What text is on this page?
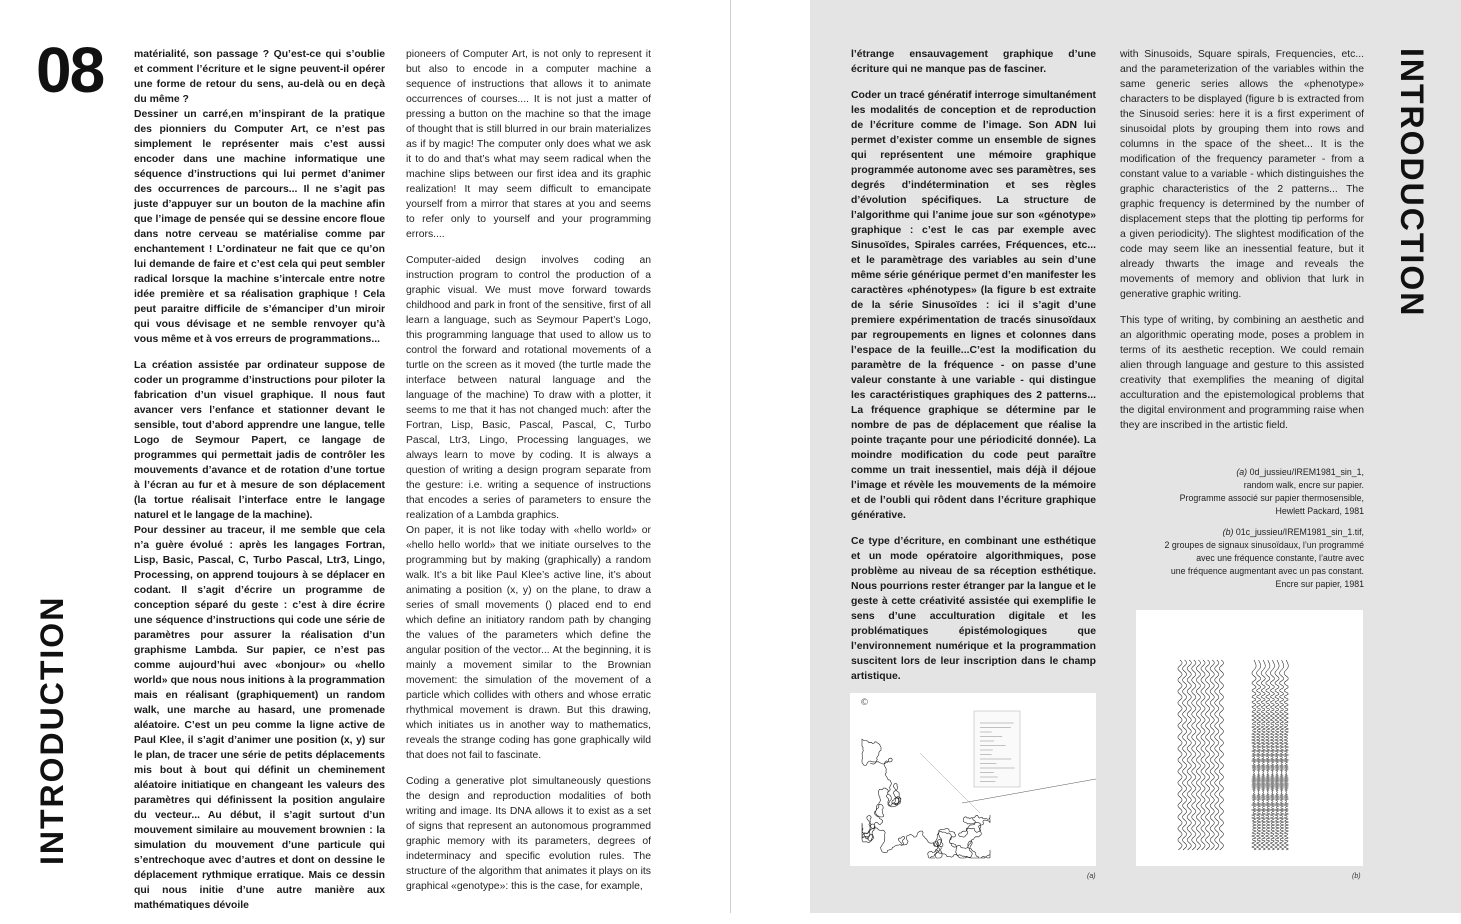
08
INTRODUCTION
INTRODUCTION

matérialité, son passage ? Qu’est-ce qui s’oublie et comment l’écriture et le signe peuvent-il opérer une forme de retour du sens, au-delà ou en deçà du même ?

Dessiner un carré,en m’inspirant de la pratique des pionniers du Computer Art, ce n’est pas simplement le représenter mais c’est aussi encoder dans une machine informatique une séquence d’instructions qui lui permet d’animer des occurrences de parcours... Il ne s’agit pas juste d’appuyer sur un bouton de la machine afin que l’image de pensée qui se dessine encore floue dans notre cerveau se matérialise comme par enchantement ! L’ordinateur ne fait que ce qu’on lui demande de faire et c’est cela qui peut sembler radical lorsque la machine s’intercale entre notre idée première et sa réalisation graphique ! Cela peut paraitre difficile de s’émanciper d’un miroir qui vous dévisage et ne semble renvoyer qu’à vous même et à vos erreurs de programmations...

La création assistée par ordinateur suppose de coder un programme d’instructions pour piloter la fabrication d’un visuel graphique. Il nous faut avancer vers l’enfance et stationner devant le sensible, tout d’abord apprendre une langue, telle Logo de Seymour Papert, ce langage de programmes qui permettait jadis de contrôler les mouvements d’avance et de rotation d’une tortue à l’écran au fur et à mesure de son déplacement (la tortue réalisait l’interface entre le langage naturel et le langage de la machine).

Pour dessiner au traceur, il me semble que cela n’a guère évolué : après les langages Fortran, Lisp, Basic, Pascal, C, Turbo Pascal, Ltr3, Lingo, Processing, on apprend toujours à se déplacer en codant. Il s’agit d’écrire un programme de conception séparé du geste : c’est à dire écrire une séquence d’instructions qui code une série de paramètres pour assurer la réalisation d’un graphisme Lambda. Sur papier, ce n’est pas comme aujourd’hui avec «bonjour» ou «hello world» que nous nous initions à la programmation mais en réalisant (graphiquement) un random walk, une marche au hasard, une promenade aléatoire. C’est un peu comme la ligne active de Paul Klee, il s’agit d’animer une position (x, y) sur le plan, de tracer une série de petits déplacements mis bout à bout qui définit un cheminement aléatoire initiatique en changeant les valeurs des paramètres qui définissent la position angulaire du vecteur... Au début, il s’agit surtout d’un mouvement similaire au mouvement brownien : la simulation du mouvement d’une particule qui s’entrechoque avec d’autres et dont on dessine le déplacement rythmique erratique. Mais ce dessin qui nous initie d’une autre manière aux mathématiques dévoile

pioneers of Computer Art, is not only to represent it but also to encode in a computer machine a sequence of instructions that allows it to animate occurrences of courses.... It is not just a matter of pressing a button on the machine so that the image of thought that is still blurred in our brain materializes as if by magic! The computer only does what we ask it to do and that’s what may seem radical when the machine slips between our first idea and its graphic realization! It may seem difficult to emancipate yourself from a mirror that stares at you and seems to refer only to yourself and your programming errors....

Computer-aided design involves coding an instruction program to control the production of a graphic visual. We must move forward towards childhood and park in front of the sensitive, first of all learn a language, such as Seymour Papert’s Logo, this programming language that used to allow us to control the forward and rotational movements of a turtle on the screen as it moved (the turtle made the interface between natural language and the language of the machine) To draw with a plotter, it seems to me that it has not changed much: after the Fortran, Lisp, Basic, Pascal, Pascal, C, Turbo Pascal, Ltr3, Lingo, Processing languages, we always learn to move by coding. It is always a question of writing a design program separate from the gesture: i.e. writing a sequence of instructions that encodes a series of parameters to ensure the realization of a Lambda graphics.

On paper, it is not like today with «hello world» or «hello hello world» that we initiate ourselves to the programming but by making (graphically) a random walk. It’s a bit like Paul Klee’s active line, it’s about animating a position (x, y) on the plane, to draw a series of small movements () placed end to end which define an initiatory random path by changing the values of the parameters which define the angular position of the vector... At the beginning, it is mainly a movement similar to the Brownian movement: the simulation of the movement of a particle which collides with others and whose erratic rhythmical movement is drawn. But this drawing, which initiates us in another way to mathematics, reveals the strange coding has gone graphically wild that does not fail to fascinate.

Coding a generative plot simultaneously questions the design and reproduction modalities of both writing and image. Its DNA allows it to exist as a set of signs that represent an autonomous programmed graphic memory with its parameters, degrees of indeterminacy and specific evolution rules. The structure of the algorithm that animates it plays on its graphical «genotype»: this is the case, for example,

l’étrange ensauvagement graphique d’une écriture qui ne manque pas de fasciner.

Coder un tracé génératif interroge simultanément les modalités de conception et de reproduction de l’écriture comme de l’image. Son ADN lui permet d’exister comme un ensemble de signes qui représentent une mémoire graphique programmée autonome avec ses paramètres, ses degrés d’indétermination et ses règles d’évolution spécifiques. La structure de l’algorithme qui l’anime joue sur son «génotype» graphique : c’est le cas par exemple avec Sinusoïdes, Spirales carrées, Fréquences, etc... et le paramètrage des variables au sein d’une même série générique permet d’en manifester les caractères «phénotypes» (la figure b est extraite de la série Sinusoïdes : ici il s’agit d’une premiere expérimentation de tracés sinusoïdaux par regroupements en lignes et colonnes dans l’espace de la feuille...C’est la modification du paramètre de la fréquence - on passe d’une valeur constante à une variable - qui distingue les caractéristiques graphiques des 2 patterns... La fréquence graphique se détermine par le nombre de pas de déplacement que réalise la pointe traçante pour une périodicité donnée). La moindre modification du code peut paraître comme un trait inessentiel, mais déjà il déjoue l’image et révèle les mouvements de la mémoire et de l’oubli qui rôdent dans l’écriture graphique générative.

Ce type d’écriture, en combinant une esthétique et un mode opératoire algorithmiques, pose problème au niveau de sa réception esthétique. Nous pourrions rester étranger par la langue et le geste à cette créativité assistée qui exemplifie le sens d’une acculturation digitale et les problématiques épistémologiques que l’environnement numérique et la programmation suscitent lors de leur inscription dans le champ artistique.

with Sinusoids, Square spirals, Frequencies, etc... and the parameterization of the variables within the same generic series allows the «phenotype» characters to be displayed (figure b is extracted from the Sinusoid series: here it is a first experiment of sinusoidal plots by grouping them into rows and columns in the space of the sheet... It is the modification of the frequency parameter - from a constant value to a variable - which distinguishes the graphic characteristics of the 2 patterns... The graphic frequency is determined by the number of displacement steps that the plotting tip performs for a given periodicity). The slightest modification of the code may seem like an inessential feature, but it already thwarts the image and reveals the movements of memory and oblivion that lurk in generative graphic writing.

This type of writing, by combining an aesthetic and an algorithmic operating mode, poses a problem in terms of its aesthetic reception. We could remain alien through language and gesture to this assisted creativity that exemplifies the meaning of digital acculturation and the epistemological problems that the digital environment and programming raise when they are inscribed in the artistic field.

(a) 0d_jussieu/IREM1981_sin_1,
random walk, encre sur papier.
Programme associé sur papier thermosensible,
Hewlett Packard, 1981
(b) 01c_jussieu/IREM1981_sin_1.tif,
2 groupes de signaux sinusoïdaux, l’un programmé
avec une fréquence constante, l’autre avec
une fréquence augmentant avec un pas constant.
Encre sur papier, 1981
©
(a)	(b)
